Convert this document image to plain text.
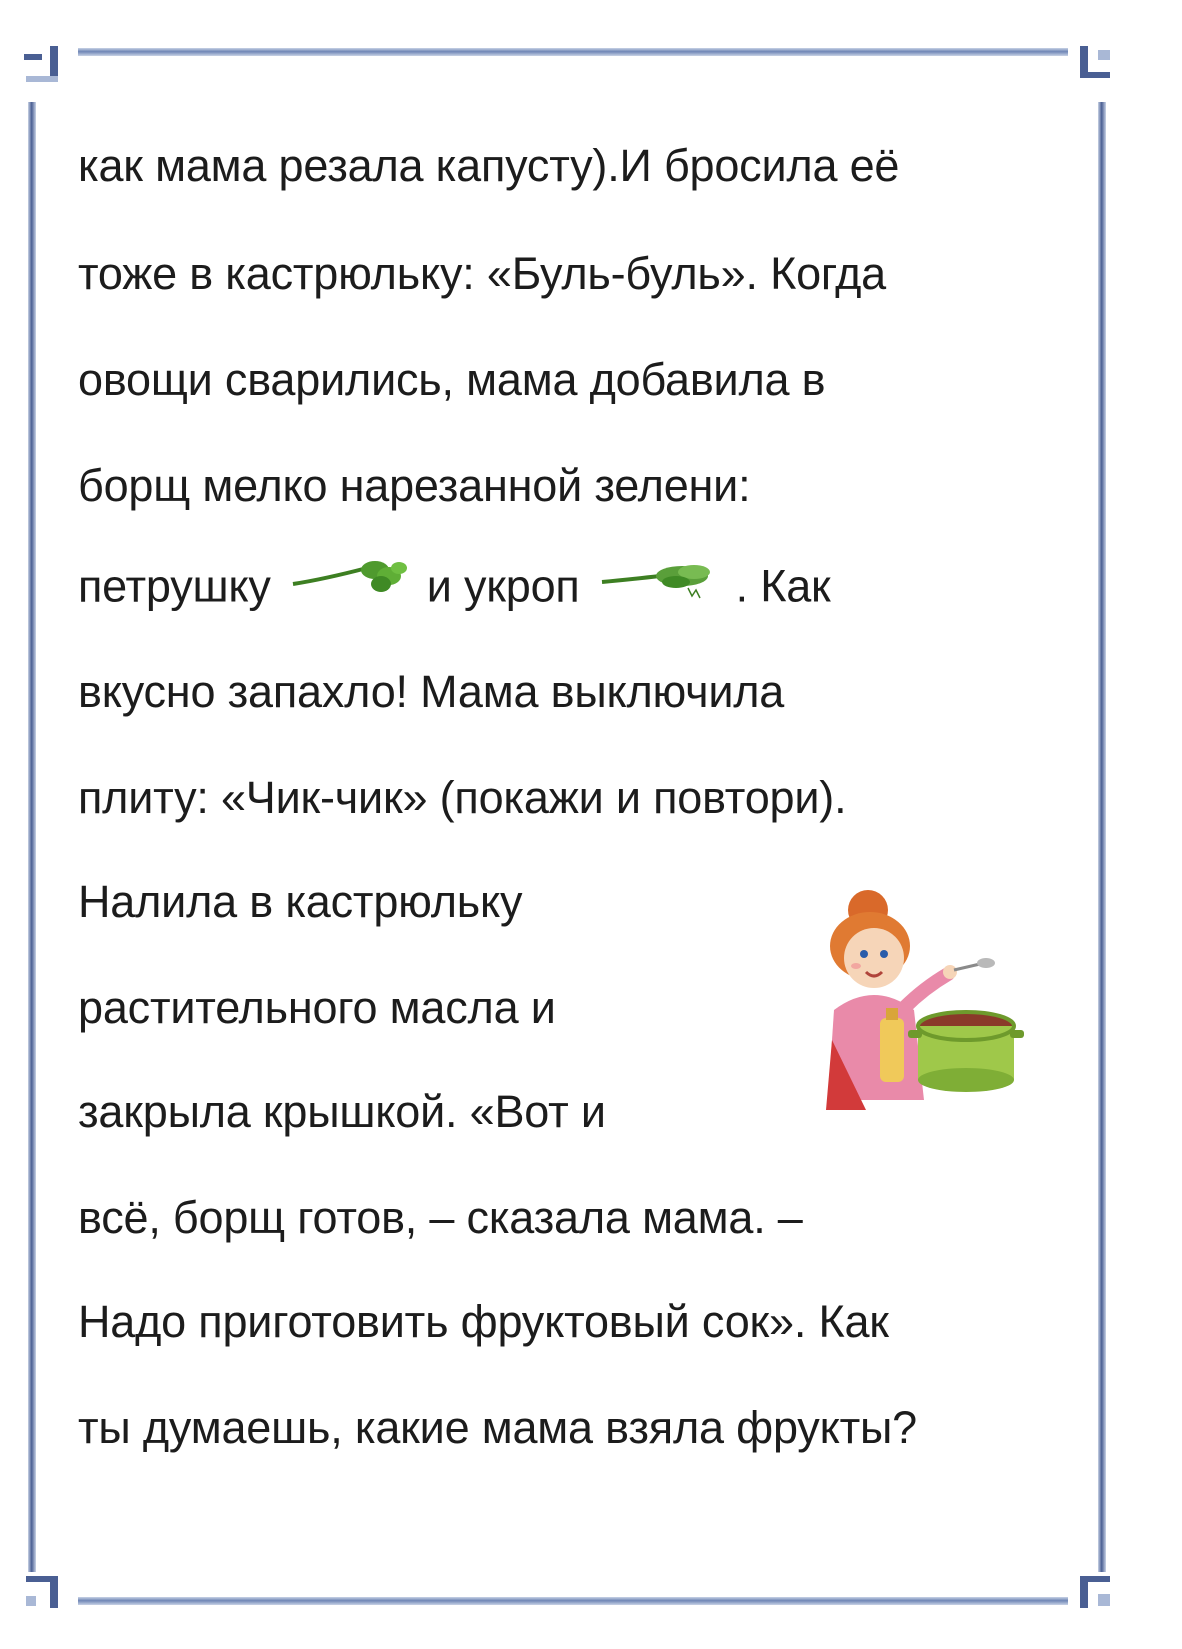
как мама резала капусту).И бросила её
тоже в кастрюльку: «Буль-буль». Когда
овощи сварились, мама добавила в
борщ мелко нарезанной зелени:
петрушку	и укроп	. Как
вкусно запахло! Мама выключила
плиту: «Чик-чик» (покажи и повтори).
Налила в кастрюльку
растительного масла и
закрыла крышкой. «Вот и
всё, борщ готов, – сказала мама. –
Надо приготовить фруктовый сок». Как
ты думаешь, какие мама взяла фрукты?
